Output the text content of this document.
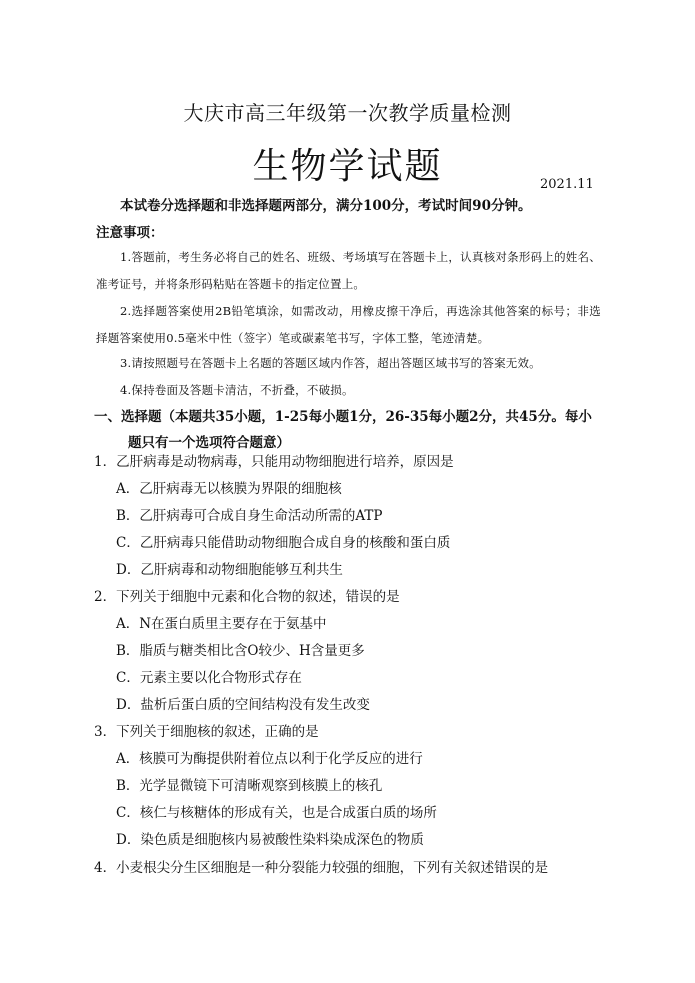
大庆市高三年级第一次教学质量检测
生物学试题	2021.11
本试卷分选择题和非选择题两部分，满分100分，考试时间90分钟。
注意事项：
1.答题前，考生务必将自己的姓名、班级、考场填写在答题卡上，认真核对条形码上的姓名、准考证号，并将条形码粘贴在答题卡的指定位置上。
2.选择题答案使用2B铅笔填涂，如需改动，用橡皮擦干净后，再选涂其他答案的标号；非选择题答案使用0.5毫米中性（签字）笔或碳素笔书写，字体工整，笔迹清楚。
3.请按照题号在答题卡上名题的答题区域内作答，超出答题区域书写的答案无效。
4.保持卷面及答题卡清洁，不折叠，不破损。
一、选择题（本题共35小题，1-25每小题1分，26-35每小题2分，共45分。每小
题只有一个选项符合题意）
1．乙肝病毒是动物病毒，只能用动物细胞进行培养，原因是
A．乙肝病毒无以核膜为界限的细胞核
B．乙肝病毒可合成自身生命活动所需的ATP
C．乙肝病毒只能借助动物细胞合成自身的核酸和蛋白质
D．乙肝病毒和动物细胞能够互利共生
2．下列关于细胞中元素和化合物的叙述，错误的是
A．N在蛋白质里主要存在于氨基中
B．脂质与糖类相比含O较少、H含量更多
C．元素主要以化合物形式存在
D．盐析后蛋白质的空间结构没有发生改变
3．下列关于细胞核的叙述，正确的是
A．核膜可为酶提供附着位点以利于化学反应的进行
B．光学显微镜下可清晰观察到核膜上的核孔
C．核仁与核糖体的形成有关，也是合成蛋白质的场所
D．染色质是细胞核内易被酸性染料染成深色的物质
4．小麦根尖分生区细胞是一种分裂能力较强的细胞，下列有关叙述错误的是
